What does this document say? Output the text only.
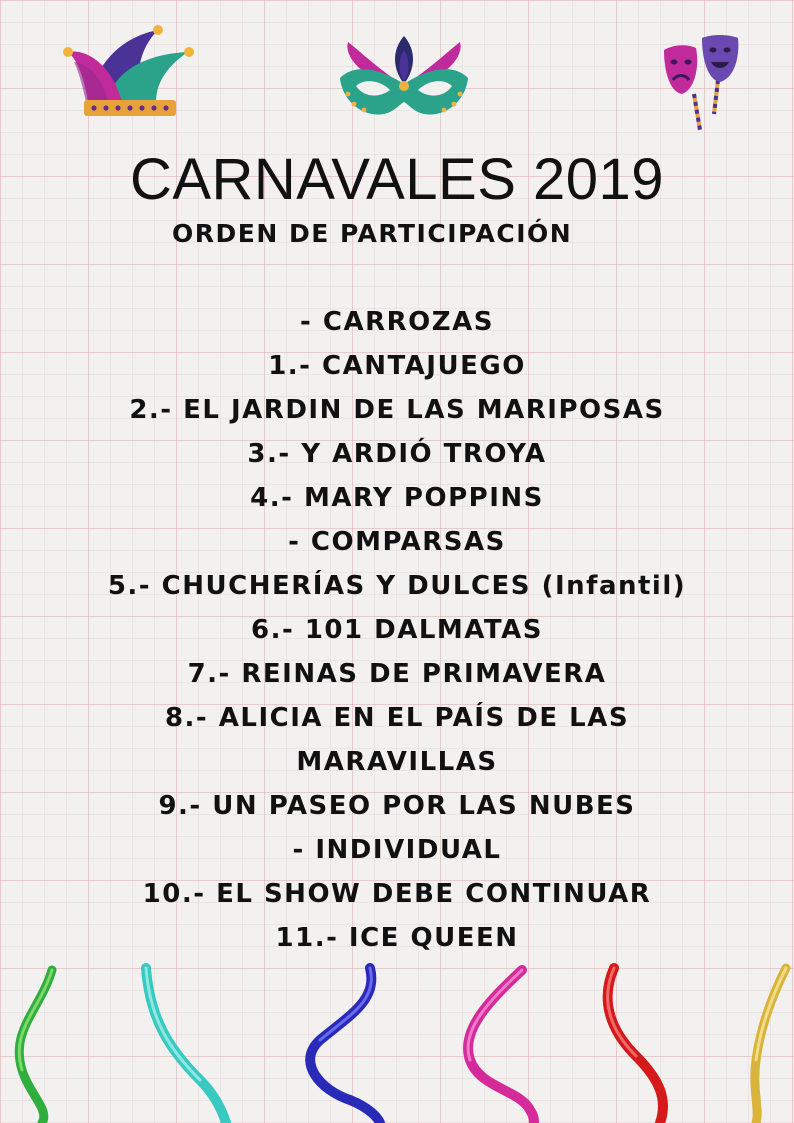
CARNAVALES 2019
ORDEN DE PARTICIPACIÓN
- CARROZAS
1.- CANTAJUEGO
2.- EL JARDIN DE LAS MARIPOSAS
3.- Y ARDIÓ TROYA
4.- MARY POPPINS
- COMPARSAS
5.- CHUCHERÍAS Y DULCES (Infantil)
6.- 101 DALMATAS
7.- REINAS DE PRIMAVERA
8.- ALICIA EN EL PAÍS DE LAS
MARAVILLAS
9.- UN PASEO POR LAS NUBES
- INDIVIDUAL
10.- EL SHOW DEBE CONTINUAR
11.- ICE QUEEN
